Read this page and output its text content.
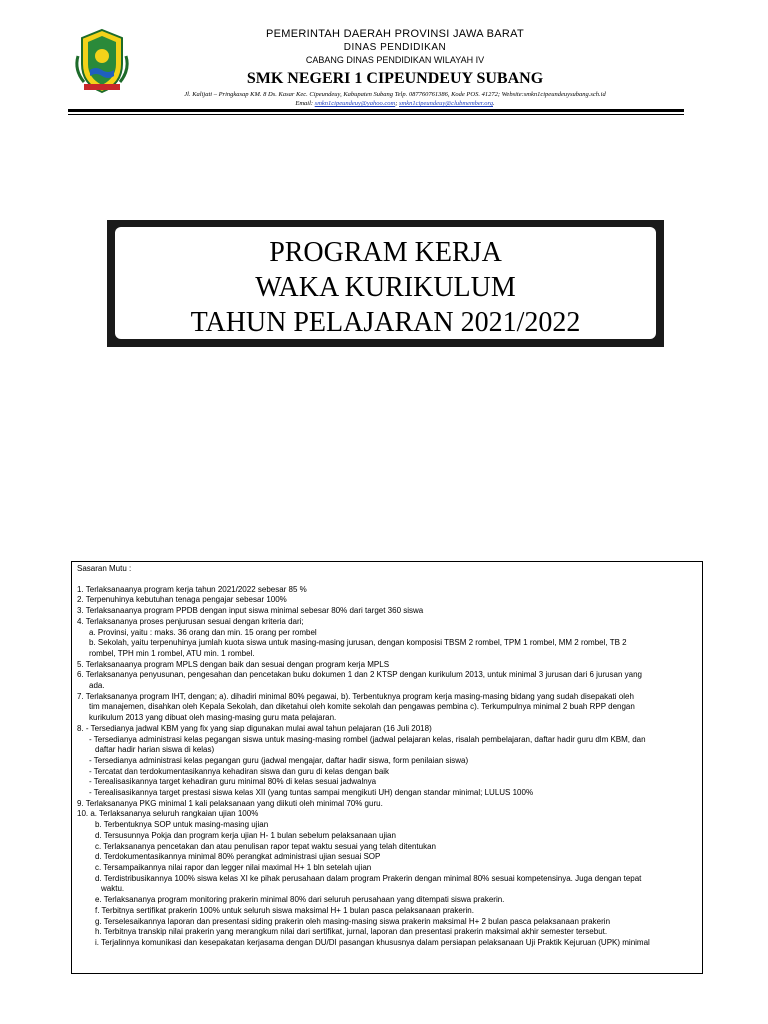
PEMERINTAH DAERAH PROVINSI JAWA BARAT
DINAS PENDIDIKAN
CABANG DINAS PENDIDIKAN WILAYAH IV
SMK NEGERI 1 CIPEUNDEUY SUBANG
Jl. Kalijati – Pringkasap KM. 8 Ds. Kasar Kec. Cipeundeuy, Kabupaten Subang Telp. 087760761386, Kode POS. 41272; Website:smkn1cipeundeuysubang.sch.id
Email: smkn1cipeundeuy@yahoo.com; smkn1cipeundeuy@clubmember.org.
PROGRAM KERJA
WAKA KURIKULUM
TAHUN PELAJARAN 2021/2022

Sasaran Mutu :

1. Terlaksanaanya program kerja tahun 2021/2022 sebesar 85 %

2. Terpenuhinya kebutuhan tenaga pengajar sebesar 100%

3. Terlaksanaanya program PPDB dengan input siswa minimal sebesar 80% dari target 360 siswa

4. Terlaksananya proses penjurusan sesuai dengan kriteria dari;

a. Provinsi, yaitu : maks. 36 orang dan min. 15 orang per rombel

b. Sekolah, yaitu terpenuhinya jumlah kuota siswa untuk masing-masing jurusan, dengan komposisi TBSM 2 rombel, TPM 1 rombel, MM 2 rombel, TB 2

rombel, TPH min 1 rombel, ATU min. 1 rombel.

5. Terlaksanaanya program MPLS dengan baik dan sesuai dengan program kerja MPLS

6. Terlaksananya penyusunan, pengesahan dan pencetakan buku dokumen 1 dan 2 KTSP dengan kurikulum 2013, untuk minimal 3 jurusan dari 6 jurusan yang

ada.

7. Terlaksananya program IHT, dengan; a). dihadiri minimal 80% pegawai, b). Terbentuknya program kerja masing-masing bidang yang sudah disepakati oleh

tim manajemen, disahkan oleh Kepala Sekolah, dan diketahui oleh komite sekolah dan pengawas pembina c). Terkumpulnya minimal 2 buah RPP dengan

kurikulum 2013 yang dibuat oleh masing-masing guru mata pelajaran.

8. - Tersedianya jadwal KBM yang fix yang siap digunakan mulai awal tahun pelajaran (16 Juli 2018)

- Tersedianya administrasi kelas pegangan siswa untuk masing-masing rombel (jadwal pelajaran kelas, risalah pembelajaran, daftar hadir guru dlm KBM, dan

daftar hadir harian siswa di kelas)

- Tersedianya administrasi kelas pegangan guru (jadwal mengajar, daftar hadir siswa, form penilaian siswa)

- Tercatat dan terdokumentasikannya kehadiran siswa dan guru di kelas dengan baik

- Terealisasikannya target kehadiran guru minimal 80% di kelas sesuai jadwalnya

- Terealisasikannya target prestasi siswa kelas XII (yang tuntas sampai mengikuti UH) dengan standar minimal; LULUS 100%

9. Terlaksananya PKG minimal 1 kali pelaksanaan yang diikuti oleh minimal 70% guru.

10. a. Terlaksananya seluruh rangkaian ujian 100%

b. Terbentuknya SOP untuk masing-masing ujian

d. Tersusunnya Pokja dan program kerja ujian H- 1 bulan sebelum pelaksanaan ujian

c. Terlaksananya pencetakan dan atau penulisan rapor tepat waktu sesuai yang telah ditentukan

d. Terdokumentasikannya minimal 80% perangkat administrasi ujian sesuai SOP

c. Tersampaikannya nilai rapor dan legger nilai maximal H+ 1 bln setelah ujian

d. Terdistribusikannya 100% siswa kelas XI ke pihak perusahaan dalam program Prakerin dengan minimal 80% sesuai kompetensinya. Juga dengan tepat

waktu.

e. Terlaksananya program monitoring prakerin minimal 80% dari seluruh perusahaan yang ditempati siswa prakerin.

f. Terbitnya sertifikat prakerin 100% untuk seluruh siswa maksimal H+ 1 bulan pasca pelaksanaan prakerin.

g. Terselesaikannya laporan dan presentasi siding prakerin oleh masing-masing siswa prakerin maksimal H+ 2 bulan pasca pelaksanaan prakerin

h. Terbitnya transkip nilai prakerin yang merangkum nilai dari sertifikat, jurnal, laporan dan presentasi prakerin maksimal akhir semester tersebut.

i. Terjalinnya komunikasi dan kesepakatan kerjasama dengan DU/DI pasangan khususnya dalam persiapan pelaksanaan Uji Praktik Kejuruan (UPK) minimal
